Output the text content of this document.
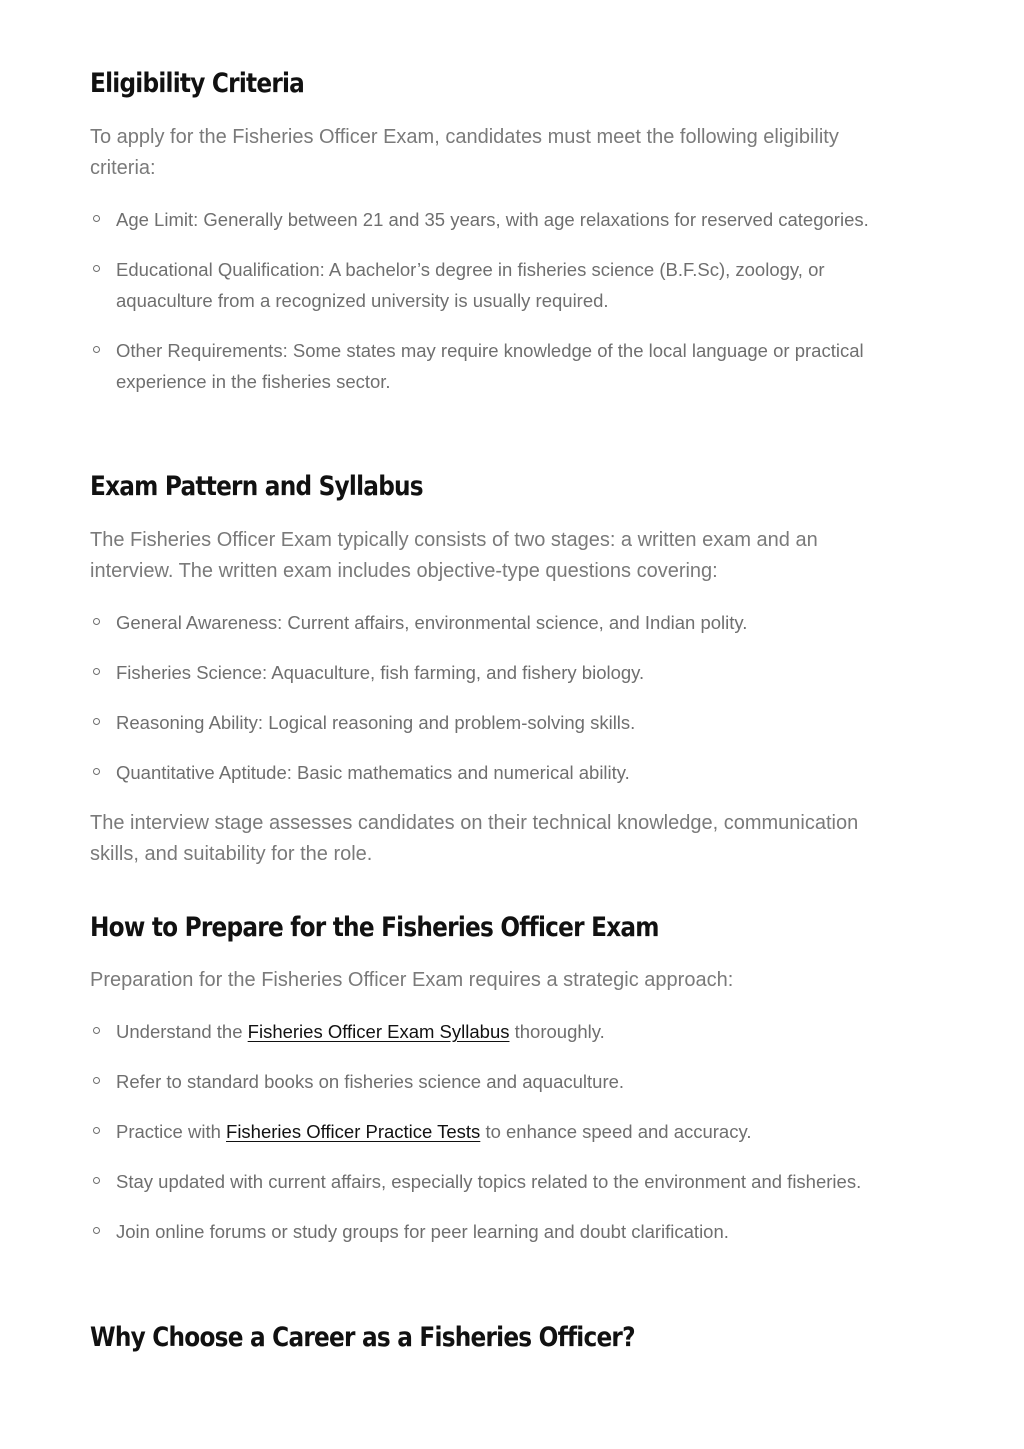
Eligibility Criteria

To apply for the Fisheries Officer Exam, candidates must meet the following eligibility criteria:

Age Limit: Generally between 21 and 35 years, with age relaxations for reserved categories.
Educational Qualification: A bachelor’s degree in fisheries science (B.F.Sc), zoology, or aquaculture from a recognized university is usually required.
Other Requirements: Some states may require knowledge of the local language or practical experience in the fisheries sector.
Exam Pattern and Syllabus

The Fisheries Officer Exam typically consists of two stages: a written exam and an interview. The written exam includes objective-type questions covering:

General Awareness: Current affairs, environmental science, and Indian polity.
Fisheries Science: Aquaculture, fish farming, and fishery biology.
Reasoning Ability: Logical reasoning and problem-solving skills.
Quantitative Aptitude: Basic mathematics and numerical ability.

The interview stage assesses candidates on their technical knowledge, communication skills, and suitability for the role.

How to Prepare for the Fisheries Officer Exam

Preparation for the Fisheries Officer Exam requires a strategic approach:

Understand the Fisheries Officer Exam Syllabus thoroughly.
Refer to standard books on fisheries science and aquaculture.
Practice with Fisheries Officer Practice Tests to enhance speed and accuracy.
Stay updated with current affairs, especially topics related to the environment and fisheries.
Join online forums or study groups for peer learning and doubt clarification.
Why Choose a Career as a Fisheries Officer?
